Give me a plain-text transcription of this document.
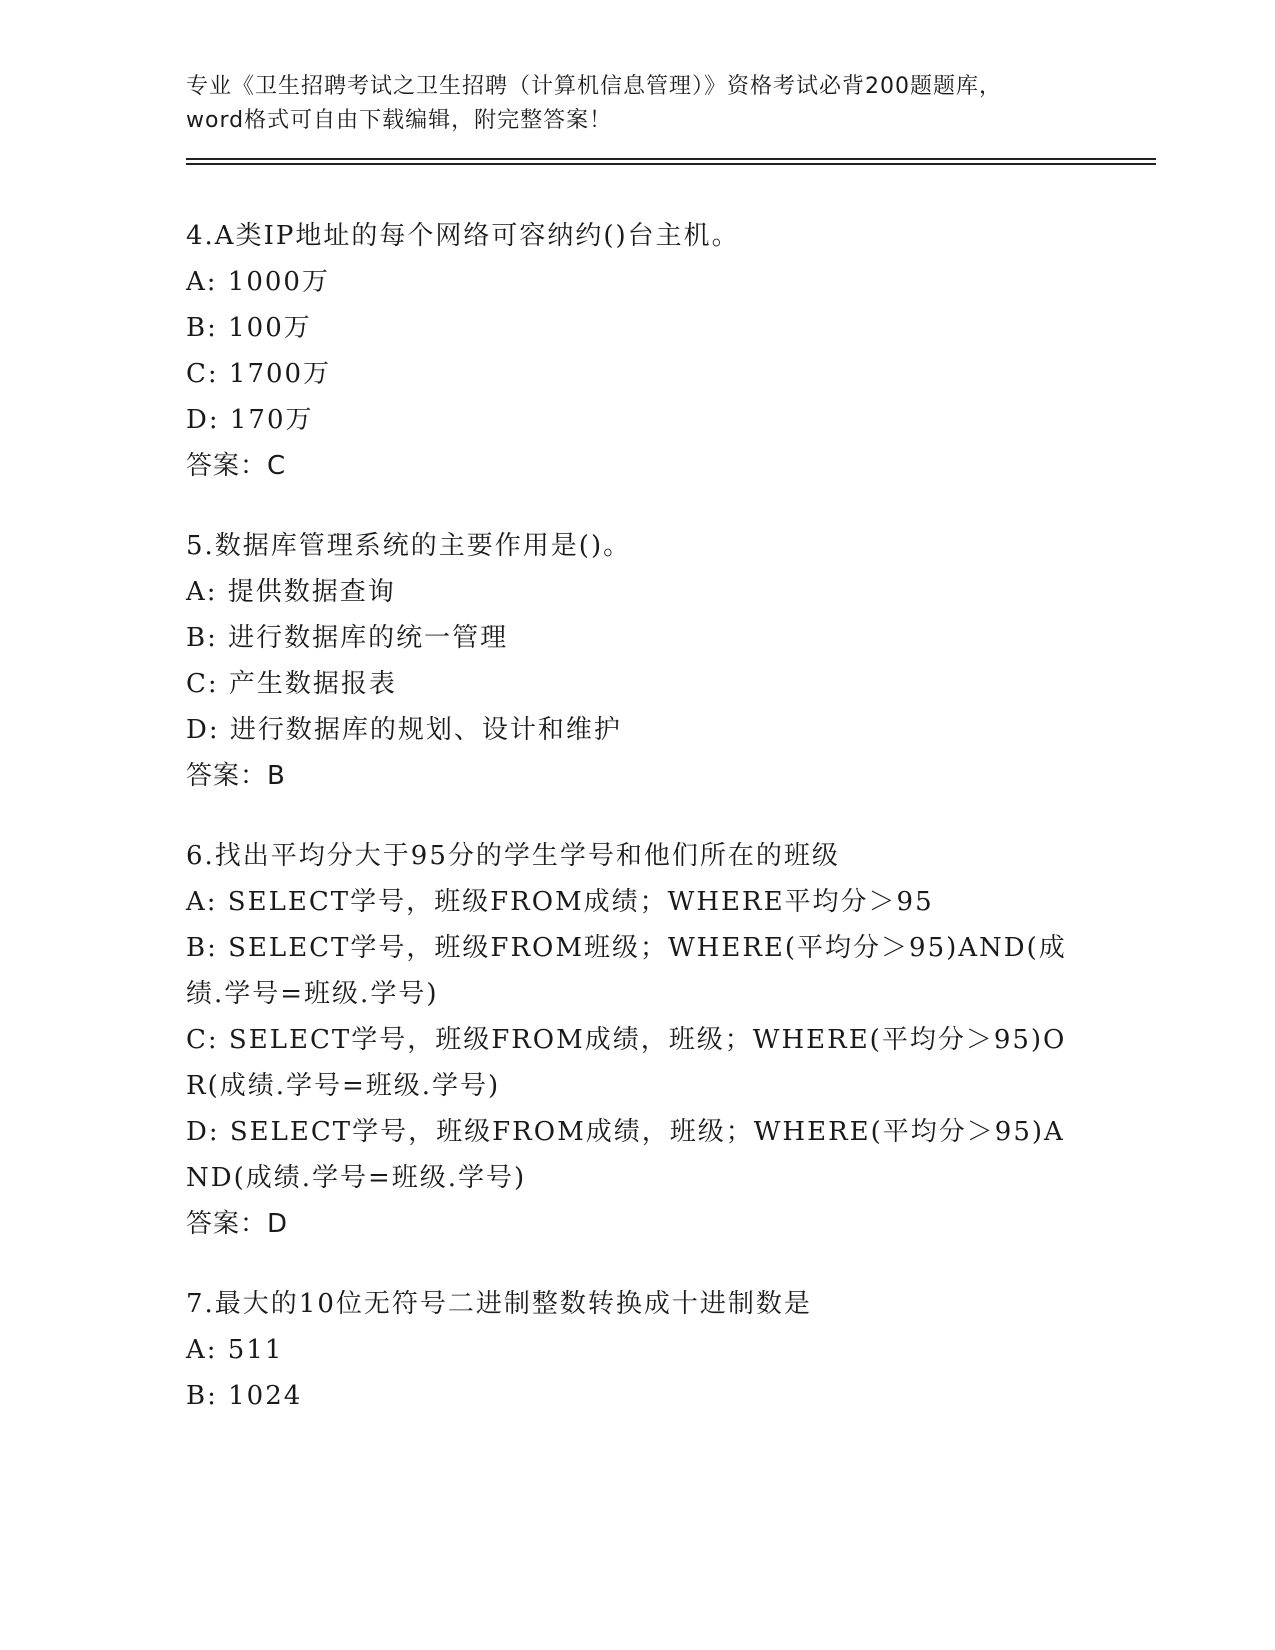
专业《卫生招聘考试之卫生招聘（计算机信息管理）》资格考试必背200题题库，

word格式可自由下载编辑，附完整答案！

4.A类IP地址的每个网络可容纳约()台主机。

A: 1000万

B: 100万

C: 1700万

D: 170万

答案：C

5.数据库管理系统的主要作用是()。

A: 提供数据查询

B: 进行数据库的统一管理

C: 产生数据报表

D: 进行数据库的规划、设计和维护

答案：B

6.找出平均分大于95分的学生学号和他们所在的班级

A: SELECT学号，班级FROM成绩；WHERE平均分＞95

B: SELECT学号，班级FROM班级；WHERE(平均分＞95)AND(成绩.学号=班级.学号)

C: SELECT学号，班级FROM成绩，班级；WHERE(平均分＞95)OR(成绩.学号=班级.学号)

D: SELECT学号，班级FROM成绩，班级；WHERE(平均分＞95)AND(成绩.学号=班级.学号)

答案：D

7.最大的10位无符号二进制整数转换成十进制数是

A: 511

B: 1024
